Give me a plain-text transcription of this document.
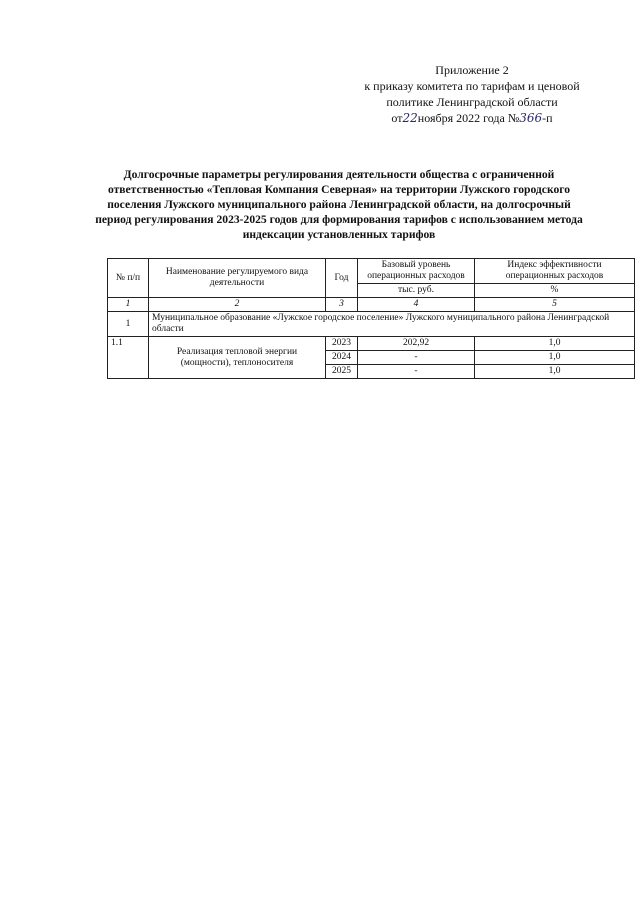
Приложение 2
к приказу комитета по тарифам и ценовой
политике Ленинградской области
от22ноября 2022 года №366-п
Долгосрочные параметры регулирования деятельности общества с ограниченной
ответственностью «Тепловая Компания Северная» на территории Лужского городского
поселения Лужского муниципального района Ленинградской области, на долгосрочный
период регулирования 2023-2025 годов для формирования тарифов с использованием метода
индексации установленных тарифов
№ п/п	Наименование регулируемого вида деятельности	Год	Базовый уровень операционных расходов	Индекс эффективности операционных расходов
			тыс. руб.	%
1	2	3	4	5
1	Муниципальное образование «Лужское городское поселение» Лужского муниципального района Ленинградской области			
1.1	Реализация тепловой энергии (мощности), теплоносителя	2023	202,92	1,0
		2024	-	1,0
		2025	-	1,0
